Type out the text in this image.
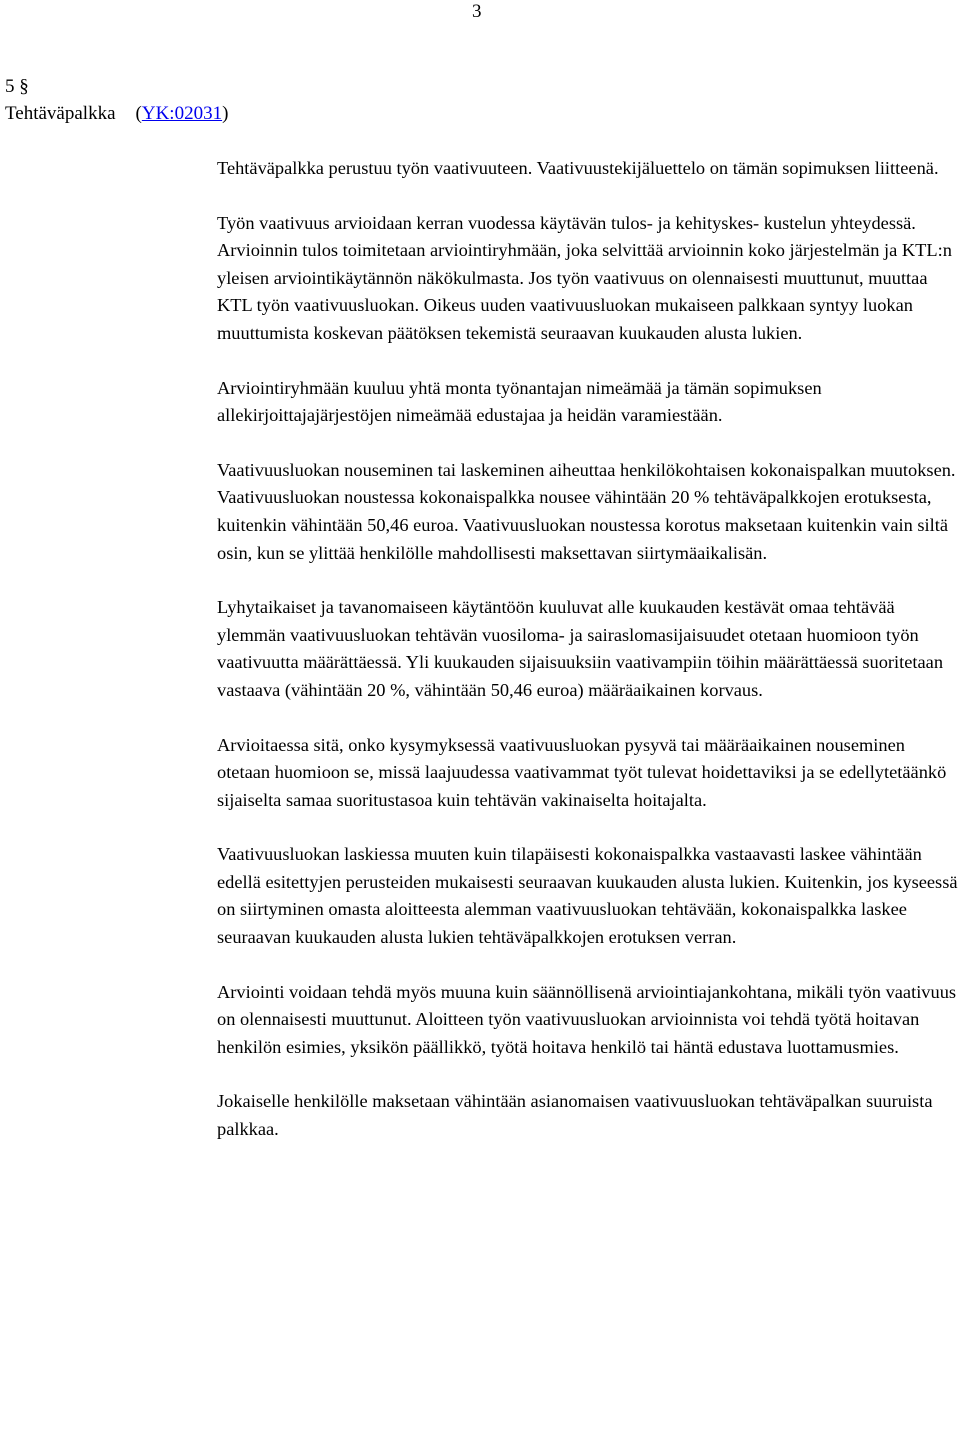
3
5 §
Tehtäväpalkka (YK:02031)

Tehtäväpalkka perustuu työn vaativuuteen. Vaativuustekijäluettelo on tämän sopimuksen liitteenä.

Työn vaativuus arvioidaan kerran vuodessa käytävän tulos- ja kehityskes- kustelun yhteydessä. Arvioinnin tulos toimitetaan arviointiryhmään, joka selvittää arvioinnin koko järjestelmän ja KTL:n yleisen arviointikäytännön näkökulmasta. Jos työn vaativuus on olennaisesti muuttunut, muuttaa KTL työn vaativuusluokan. Oikeus uuden vaativuusluokan mukaiseen palkkaan syntyy luokan muuttumista koskevan päätöksen tekemistä seuraavan kuukauden alusta lukien.

Arviointiryhmään kuuluu yhtä monta työnantajan nimeämää ja tämän sopimuksen allekirjoittajajärjestöjen nimeämää edustajaa ja heidän varamiestään.

Vaativuusluokan nouseminen tai laskeminen aiheuttaa henkilökohtaisen kokonaispalkan muutoksen. Vaativuusluokan noustessa kokonaispalkka nousee vähintään 20 % tehtäväpalkkojen erotuksesta, kuitenkin vähintään 50,46 euroa. Vaativuusluokan noustessa korotus maksetaan kuitenkin vain siltä osin, kun se ylittää henkilölle mahdollisesti maksettavan siirtymäaikalisän.

Lyhytaikaiset ja tavanomaiseen käytäntöön kuuluvat alle kuukauden kestävät omaa tehtävää ylemmän vaativuusluokan tehtävän vuosiloma- ja sairaslomasijaisuudet otetaan huomioon työn vaativuutta määrättäessä. Yli kuukauden sijaisuuksiin vaativampiin töihin määrättäessä suoritetaan vastaava (vähintään 20 %, vähintään 50,46 euroa) määräaikainen korvaus.

Arvioitaessa sitä, onko kysymyksessä vaativuusluokan pysyvä tai määräaikainen nouseminen otetaan huomioon se, missä laajuudessa vaativammat työt tulevat hoidettaviksi ja se edellytetäänkö sijaiselta samaa suoritustasoa kuin tehtävän vakinaiselta hoitajalta.

Vaativuusluokan laskiessa muuten kuin tilapäisesti kokonaispalkka vastaavasti laskee vähintään edellä esitettyjen perusteiden mukaisesti seuraavan kuukauden alusta lukien. Kuitenkin, jos kyseessä on siirtyminen omasta aloitteesta alemman vaativuusluokan tehtävään, kokonaispalkka laskee seuraavan kuukauden alusta lukien tehtäväpalkkojen erotuksen verran.

Arviointi voidaan tehdä myös muuna kuin säännöllisenä arviointiajankohtana, mikäli työn vaativuus on olennaisesti muuttunut. Aloitteen työn vaativuusluokan arvioinnista voi tehdä työtä hoitavan henkilön esimies, yksikön päällikkö, työtä hoitava henkilö tai häntä edustava luottamusmies.

Jokaiselle henkilölle maksetaan vähintään asianomaisen vaativuusluokan tehtäväpalkan suuruista palkkaa.
